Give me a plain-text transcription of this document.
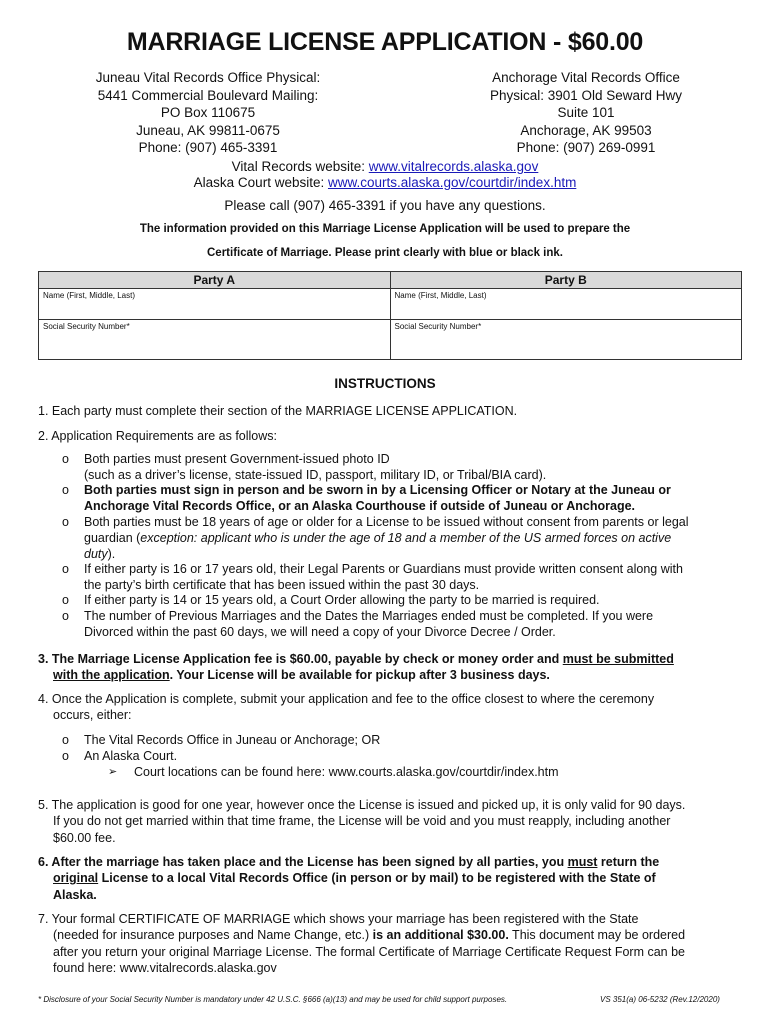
MARRIAGE LICENSE APPLICATION - $60.00
Juneau Vital Records Office Physical:
5441 Commercial Boulevard Mailing:
PO Box 110675
Juneau, AK 99811-0675
Phone: (907) 465-3391
Anchorage Vital Records Office
Physical: 3901 Old Seward Hwy
Suite 101
Anchorage, AK 99503
Phone: (907) 269-0991
Vital Records website: www.vitalrecords.alaska.gov
Alaska Court website: www.courts.alaska.gov/courtdir/index.htm
Please call (907) 465-3391 if you have any questions.
The information provided on this Marriage License Application will be used to prepare the
Certificate of Marriage. Please print clearly with blue or black ink.
Party A	Party B
Name (First, Middle, Last)	Name (First, Middle, Last)
Social Security Number*	Social Security Number*
INSTRUCTIONS
1. Each party must complete their section of the MARRIAGE LICENSE APPLICATION.
2. Application Requirements are as follows:
o Both parties must present Government-issued photo ID
(such as a driver’s license, state-issued ID, passport, military ID, or Tribal/BIA card).
o Both parties must sign in person and be sworn in by a Licensing Officer or Notary at the Juneau or
Anchorage Vital Records Office, or an Alaska Courthouse if outside of Juneau or Anchorage.
o Both parties must be 18 years of age or older for a License to be issued without consent from parents or legal
guardian (exception: applicant who is under the age of 18 and a member of the US armed forces on active
duty).
o If either party is 16 or 17 years old, their Legal Parents or Guardians must provide written consent along with
the party’s birth certificate that has been issued within the past 30 days.
o If either party is 14 or 15 years old, a Court Order allowing the party to be married is required.
o The number of Previous Marriages and the Dates the Marriages ended must be completed. If you were
Divorced within the past 60 days, we will need a copy of your Divorce Decree / Order.
3. The Marriage License Application fee is $60.00, payable by check or money order and must be submitted
with the application. Your License will be available for pickup after 3 business days.
4. Once the Application is complete, submit your application and fee to the office closest to where the ceremony
occurs, either:
o The Vital Records Office in Juneau or Anchorage; OR
o An Alaska Court.
➢ Court locations can be found here: www.courts.alaska.gov/courtdir/index.htm
5. The application is good for one year, however once the License is issued and picked up, it is only valid for 90 days.
If you do not get married within that time frame, the License will be void and you must reapply, including another
$60.00 fee.
6. After the marriage has taken place and the License has been signed by all parties, you must return the
original License to a local Vital Records Office (in person or by mail) to be registered with the State of
Alaska.
7. Your formal CERTIFICATE OF MARRIAGE which shows your marriage has been registered with the State
(needed for insurance purposes and Name Change, etc.) is an additional $30.00. This document may be ordered
after you return your original Marriage License. The formal Certificate of Marriage Certificate Request Form can be
found here: www.vitalrecords.alaska.gov
* Disclosure of your Social Security Number is mandatory under 42 U.S.C. §666 (a)(13) and may be used for child support purposes.	VS 351(a) 06-5232 (Rev.12/2020)
